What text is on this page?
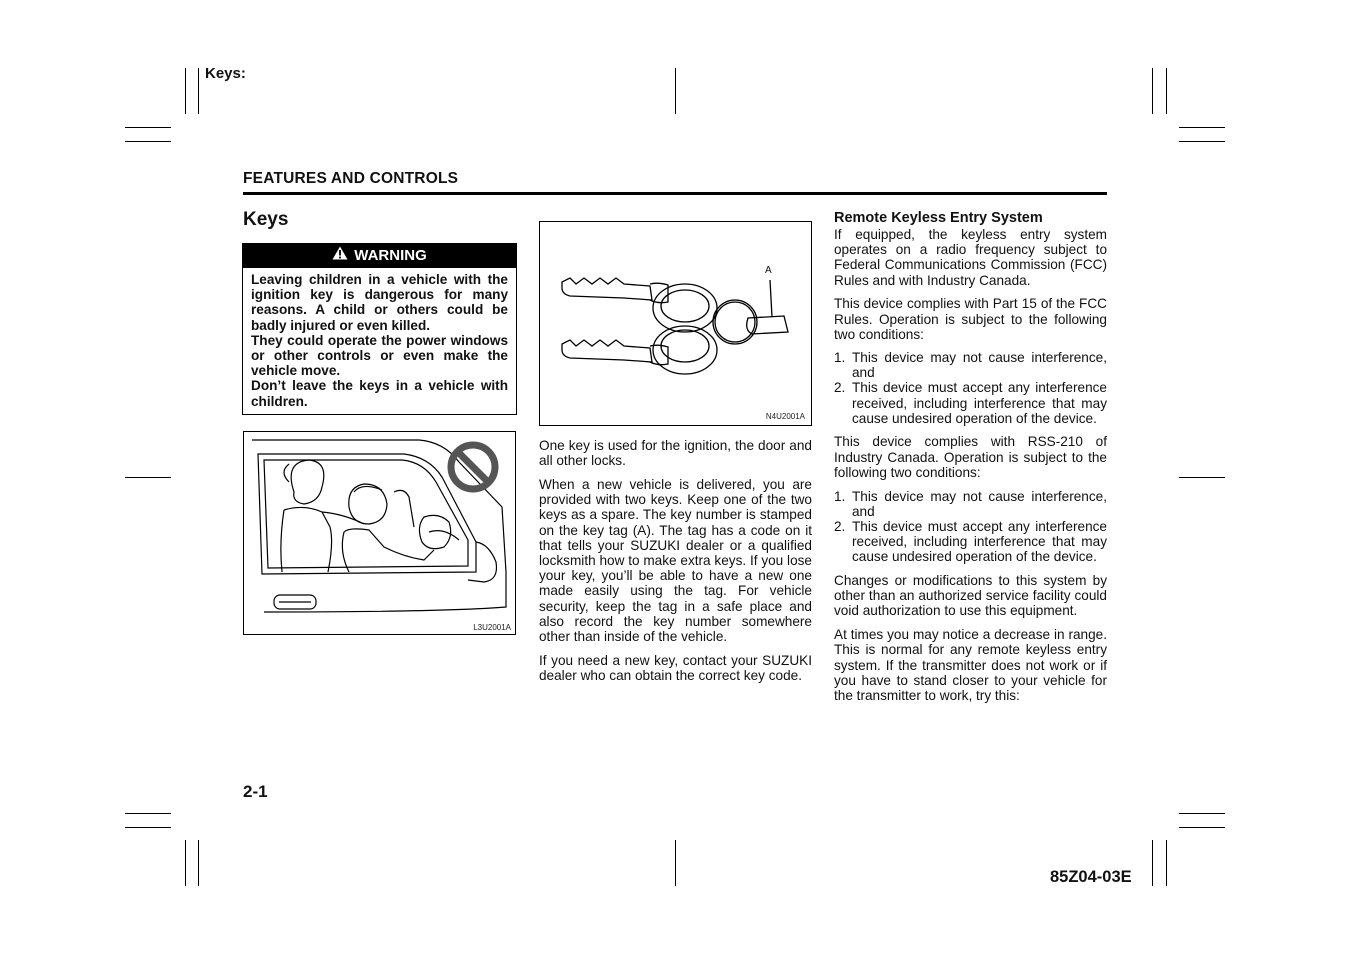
Keys:
FEATURES AND CONTROLS
Keys
WARNING

Leaving children in a vehicle with the ignition key is dangerous for many reasons. A child or others could be badly injured or even killed.

They could operate the power windows or other controls or even make the vehicle move.

Don’t leave the keys in a vehicle with children.

L3U2001A
A
N4U2001A

One key is used for the ignition, the door and all other locks.

When a new vehicle is delivered, you are provided with two keys. Keep one of the two keys as a spare. The key number is stamped on the key tag (A). The tag has a code on it that tells your SUZUKI dealer or a qualified locksmith how to make extra keys. If you lose your key, you’ll be able to have a new one made easily using the tag. For vehicle security, keep the tag in a safe place and also record the key number somewhere other than inside of the vehicle.

If you need a new key, contact your SUZUKI dealer who can obtain the correct key code.

Remote Keyless Entry System

If equipped, the keyless entry system operates on a radio frequency subject to Federal Communications Commission (FCC) Rules and with Industry Canada.

This device complies with Part 15 of the FCC Rules. Operation is subject to the following two conditions:

1. This device may not cause interference, and
2. This device must accept any interference received, including interference that may cause undesired operation of the device.

This device complies with RSS-210 of Industry Canada. Operation is subject to the following two conditions:

1. This device may not cause interference, and
2. This device must accept any interference received, including interference that may cause undesired operation of the device.

Changes or modifications to this system by other than an authorized service facility could void authorization to use this equipment.

At times you may notice a decrease in range. This is normal for any remote keyless entry system. If the transmitter does not work or if you have to stand closer to your vehicle for the transmitter to work, try this:

2-1
85Z04-03E
